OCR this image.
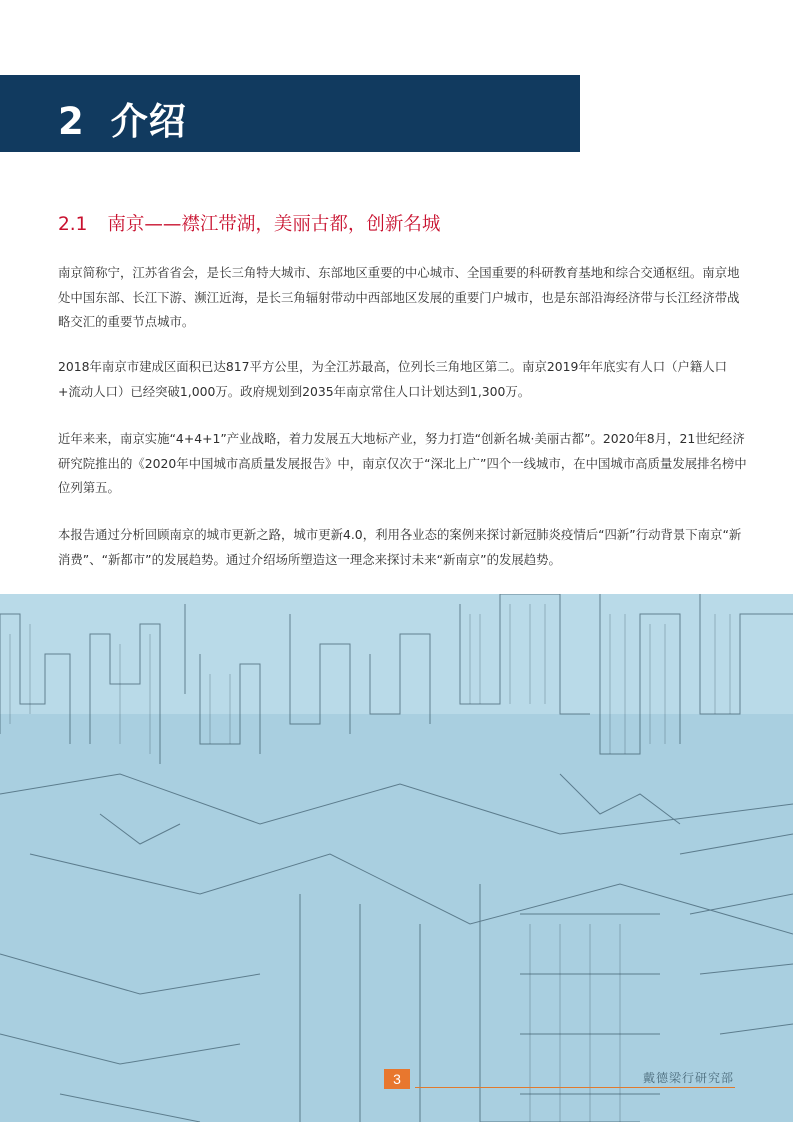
2 介绍
2.1 南京——襟江带湖，美丽古都，创新名城

南京简称宁，江苏省省会，是长三角特大城市、东部地区重要的中心城市、全国重要的科研教育基地和综合交通枢纽。南京地处中国东部、长江下游、濒江近海，是长三角辐射带动中西部地区发展的重要门户城市，也是东部沿海经济带与长江经济带战略交汇的重要节点城市。

2018年南京市建成区面积已达817平方公里，为全江苏最高，位列长三角地区第二。南京2019年年底实有人口（户籍人口+流动人口）已经突破1,000万。政府规划到2035年南京常住人口计划达到1,300万。

近年来来，南京实施“4+4+1”产业战略，着力发展五大地标产业，努力打造“创新名城·美丽古都”。2020年8月，21世纪经济研究院推出的《2020年中国城市高质量发展报告》中，南京仅次于“深北上广”四个一线城市，在中国城市高质量发展排名榜中位列第五。

本报告通过分析回顾南京的城市更新之路，城市更新4.0，利用各业态的案例来探讨新冠肺炎疫情后“四新”行动背景下南京“新消费”、“新都市”的发展趋势。通过介绍场所塑造这一理念来探讨未来“新南京”的发展趋势。

3	戴德梁行研究部
